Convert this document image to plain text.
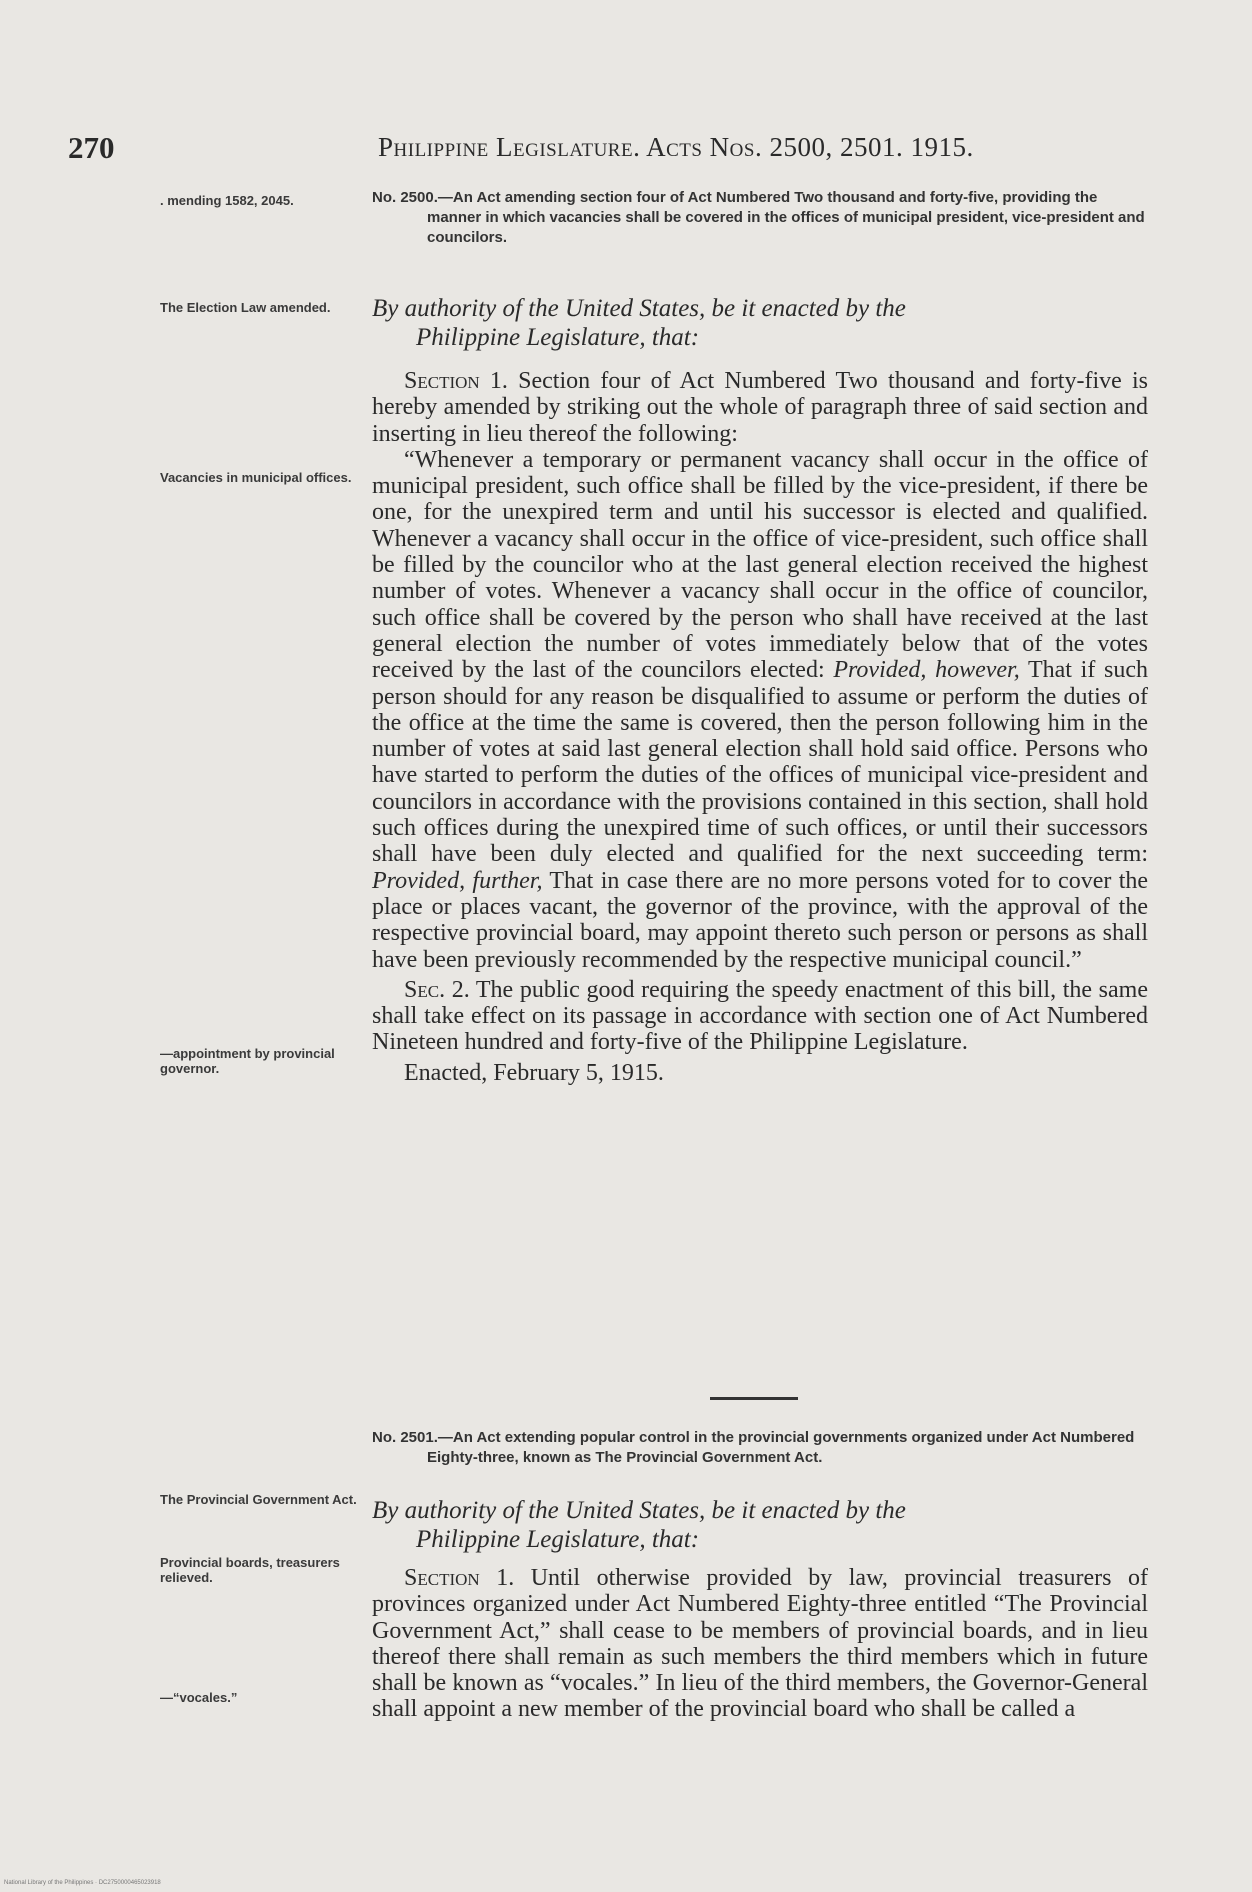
270	Philippine Legislature. Acts Nos. 2500, 2501. 1915.
. mending 1582, 2045.	No. 2500.—An Act amending section four of Act Numbered Two thousand and forty-five, providing the manner in which vacancies shall be covered in the offices of municipal president, vice-president and councilors.
The Election Law amended.	By authority of the United States, be it enacted by the
Philippine Legislature, that:
Vacancies in municipal offices.
—appointment by provincial governor.

Section 1. Section four of Act Numbered Two thousand and forty-five is hereby amended by striking out the whole of paragraph three of said section and inserting in lieu thereof the following:

“Whenever a temporary or permanent vacancy shall occur in the office of municipal president, such office shall be filled by the vice-president, if there be one, for the unexpired term and until his successor is elected and qualified. Whenever a vacancy shall occur in the office of vice-president, such office shall be filled by the councilor who at the last general election received the highest number of votes. Whenever a vacancy shall occur in the office of councilor, such office shall be covered by the person who shall have received at the last general election the number of votes immediately below that of the votes received by the last of the councilors elected: Provided, however, That if such person should for any reason be disqualified to assume or perform the duties of the office at the time the same is covered, then the person following him in the number of votes at said last general election shall hold said office. Persons who have started to perform the duties of the offices of municipal vice-president and councilors in accordance with the provisions contained in this section, shall hold such offices during the unexpired time of such offices, or until their successors shall have been duly elected and qualified for the next succeeding term: Provided, further, That in case there are no more persons voted for to cover the place or places vacant, the governor of the province, with the approval of the respective provincial board, may appoint thereto such person or persons as shall have been previously recommended by the respective municipal council.”

Sec. 2. The public good requiring the speedy enactment of this bill, the same shall take effect on its passage in accordance with section one of Act Numbered Nineteen hundred and forty-five of the Philippine Legislature.

Enacted, February 5, 1915.

No. 2501.—An Act extending popular control in the provincial governments organized under Act Numbered Eighty-three, known as The Provincial Government Act.
The Provincial Government Act. By authority of the United States, be it enacted by the
Philippine Legislature, that:
Provincial boards, treasurers relieved.
—“vocales.”

Section 1. Until otherwise provided by law, provincial treasurers of provinces organized under Act Numbered Eighty-three entitled “The Provincial Government Act,” shall cease to be members of provincial boards, and in lieu thereof there shall remain as such members the third members which in future shall be known as “vocales.” In lieu of the third members, the Governor-General shall appoint a new member of the provincial board who shall be called a

National Library of the Philippines · DC2750000465023918
